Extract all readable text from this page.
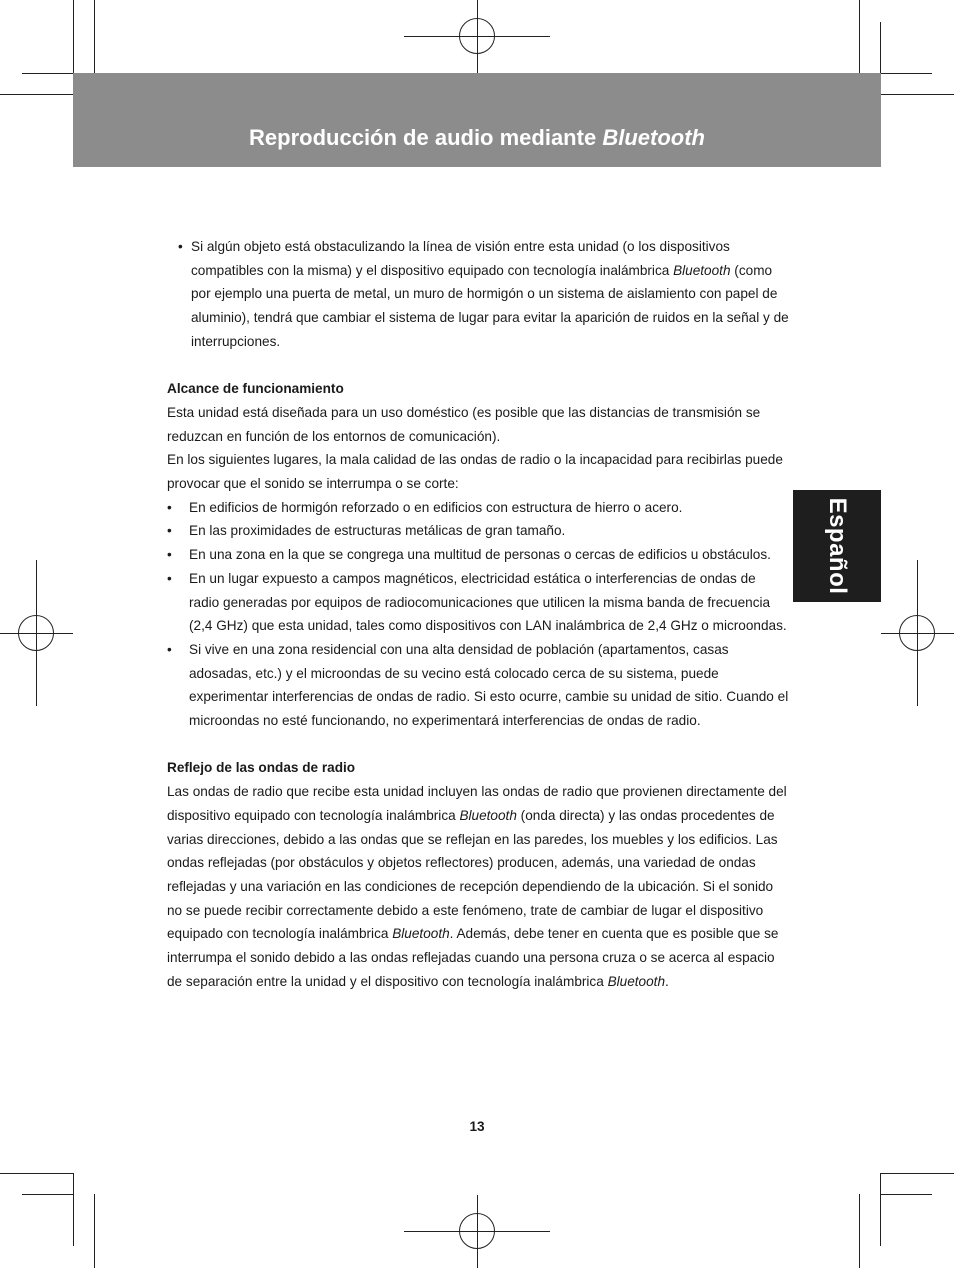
Reproducción de audio mediante Bluetooth
Español

• Si algún objeto está obstaculizando la línea de visión entre esta unidad (o los dispositivos compatibles con la misma) y el dispositivo equipado con tecnología inalámbrica Bluetooth (como por ejemplo una puerta de metal, un muro de hormigón o un sistema de aislamiento con papel de aluminio), tendrá que cambiar el sistema de lugar para evitar la aparición de ruidos en la señal y de interrupciones.

Alcance de funcionamiento

Esta unidad está diseñada para un uso doméstico (es posible que las distancias de transmisión se reduzcan en función de los entornos de comunicación).

En los siguientes lugares, la mala calidad de las ondas de radio o la incapacidad para recibirlas puede provocar que el sonido se interrumpa o se corte:

• En edificios de hormigón reforzado o en edificios con estructura de hierro o acero.
• En las proximidades de estructuras metálicas de gran tamaño.
• En una zona en la que se congrega una multitud de personas o cercas de edificios u obstáculos.
• En un lugar expuesto a campos magnéticos, electricidad estática o interferencias de ondas de radio generadas por equipos de radiocomunicaciones que utilicen la misma banda de frecuencia (2,4 GHz) que esta unidad, tales como dispositivos con LAN inalámbrica de 2,4 GHz o microondas.
• Si vive en una zona residencial con una alta densidad de población (apartamentos, casas adosadas, etc.) y el microondas de su vecino está colocado cerca de su sistema, puede experimentar interferencias de ondas de radio. Si esto ocurre, cambie su unidad de sitio. Cuando el microondas no esté funcionando, no experimentará interferencias de ondas de radio.

Reflejo de las ondas de radio

Las ondas de radio que recibe esta unidad incluyen las ondas de radio que provienen directamente del dispositivo equipado con tecnología inalámbrica Bluetooth (onda directa) y las ondas procedentes de varias direcciones, debido a las ondas que se reflejan en las paredes, los muebles y los edificios. Las ondas reflejadas (por obstáculos y objetos reflectores) producen, además, una variedad de ondas reflejadas y una variación en las condiciones de recepción dependiendo de la ubicación. Si el sonido no se puede recibir correctamente debido a este fenómeno, trate de cambiar de lugar el dispositivo equipado con tecnología inalámbrica Bluetooth. Además, debe tener en cuenta que es posible que se interrumpa el sonido debido a las ondas reflejadas cuando una persona cruza o se acerca al espacio de separación entre la unidad y el dispositivo con tecnología inalámbrica Bluetooth.

13
